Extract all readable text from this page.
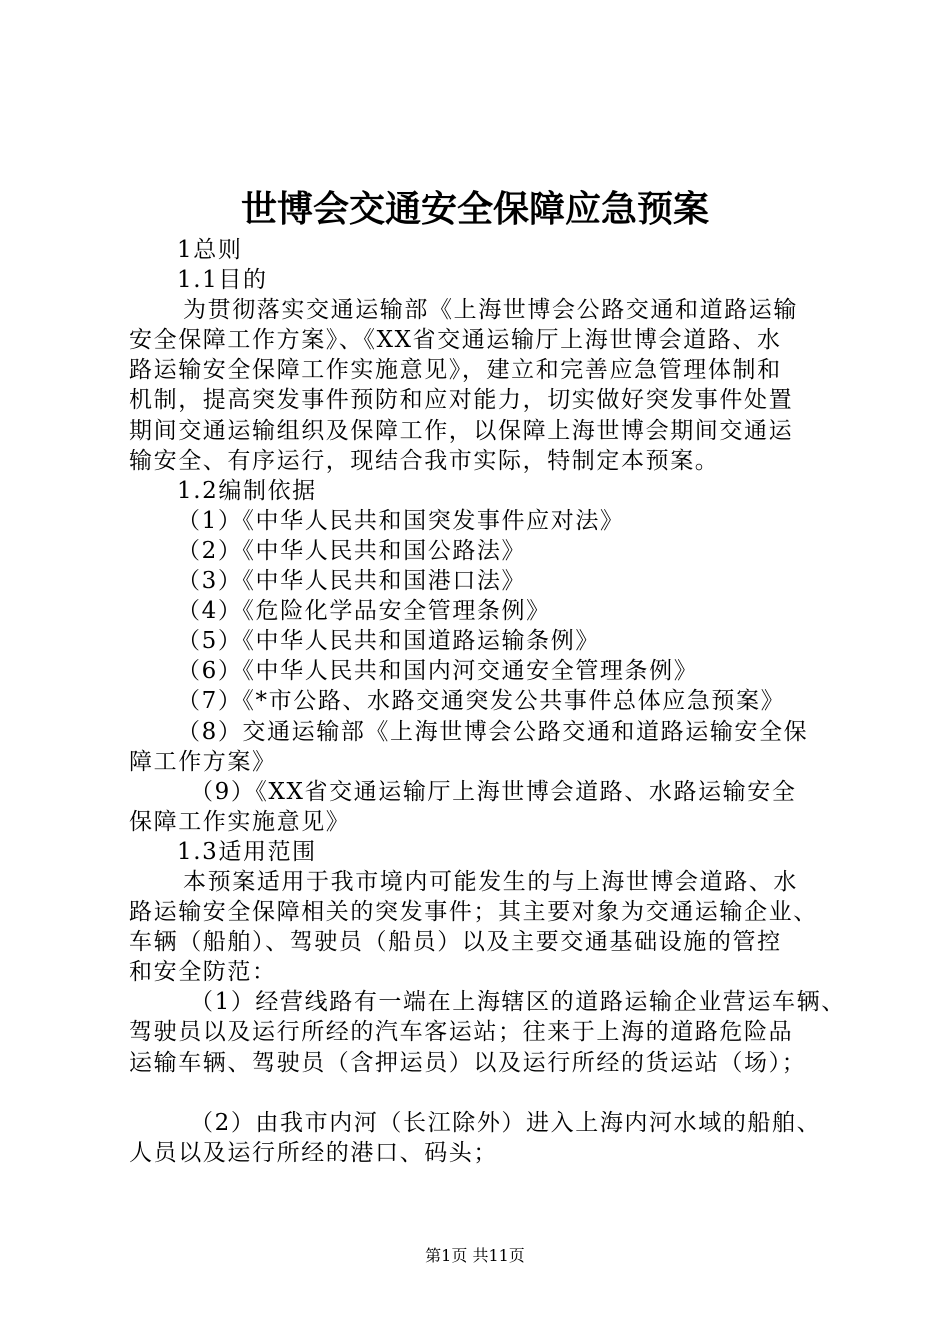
世博会交通安全保障应急预案
1总则
1.1目的
为贯彻落实交通运输部《上海世博会公路交通和道路运输
安全保障工作方案》、《XX省交通运输厅上海世博会道路、水
路运输安全保障工作实施意见》，建立和完善应急管理体制和
机制，提高突发事件预防和应对能力，切实做好突发事件处置
期间交通运输组织及保障工作，以保障上海世博会期间交通运
输安全、有序运行，现结合我市实际，特制定本预案。
1.2编制依据
（1）《中华人民共和国突发事件应对法》
（2）《中华人民共和国公路法》
（3）《中华人民共和国港口法》
（4）《危险化学品安全管理条例》
（5）《中华人民共和国道路运输条例》
（6）《中华人民共和国内河交通安全管理条例》
（7）《*市公路、水路交通突发公共事件总体应急预案》
（8）交通运输部《上海世博会公路交通和道路运输安全保
障工作方案》
（9）《XX省交通运输厅上海世博会道路、水路运输安全
保障工作实施意见》
1.3适用范围
本预案适用于我市境内可能发生的与上海世博会道路、水
路运输安全保障相关的突发事件；其主要对象为交通运输企业、
车辆（船舶）、驾驶员（船员）以及主要交通基础设施的管控
和安全防范：
（1）经营线路有一端在上海辖区的道路运输企业营运车辆、
驾驶员以及运行所经的汽车客运站；往来于上海的道路危险品
运输车辆、驾驶员（含押运员）以及运行所经的货运站（场）；
（2）由我市内河（长江除外）进入上海内河水域的船舶、
人员以及运行所经的港口、码头；
第1页 共11页
